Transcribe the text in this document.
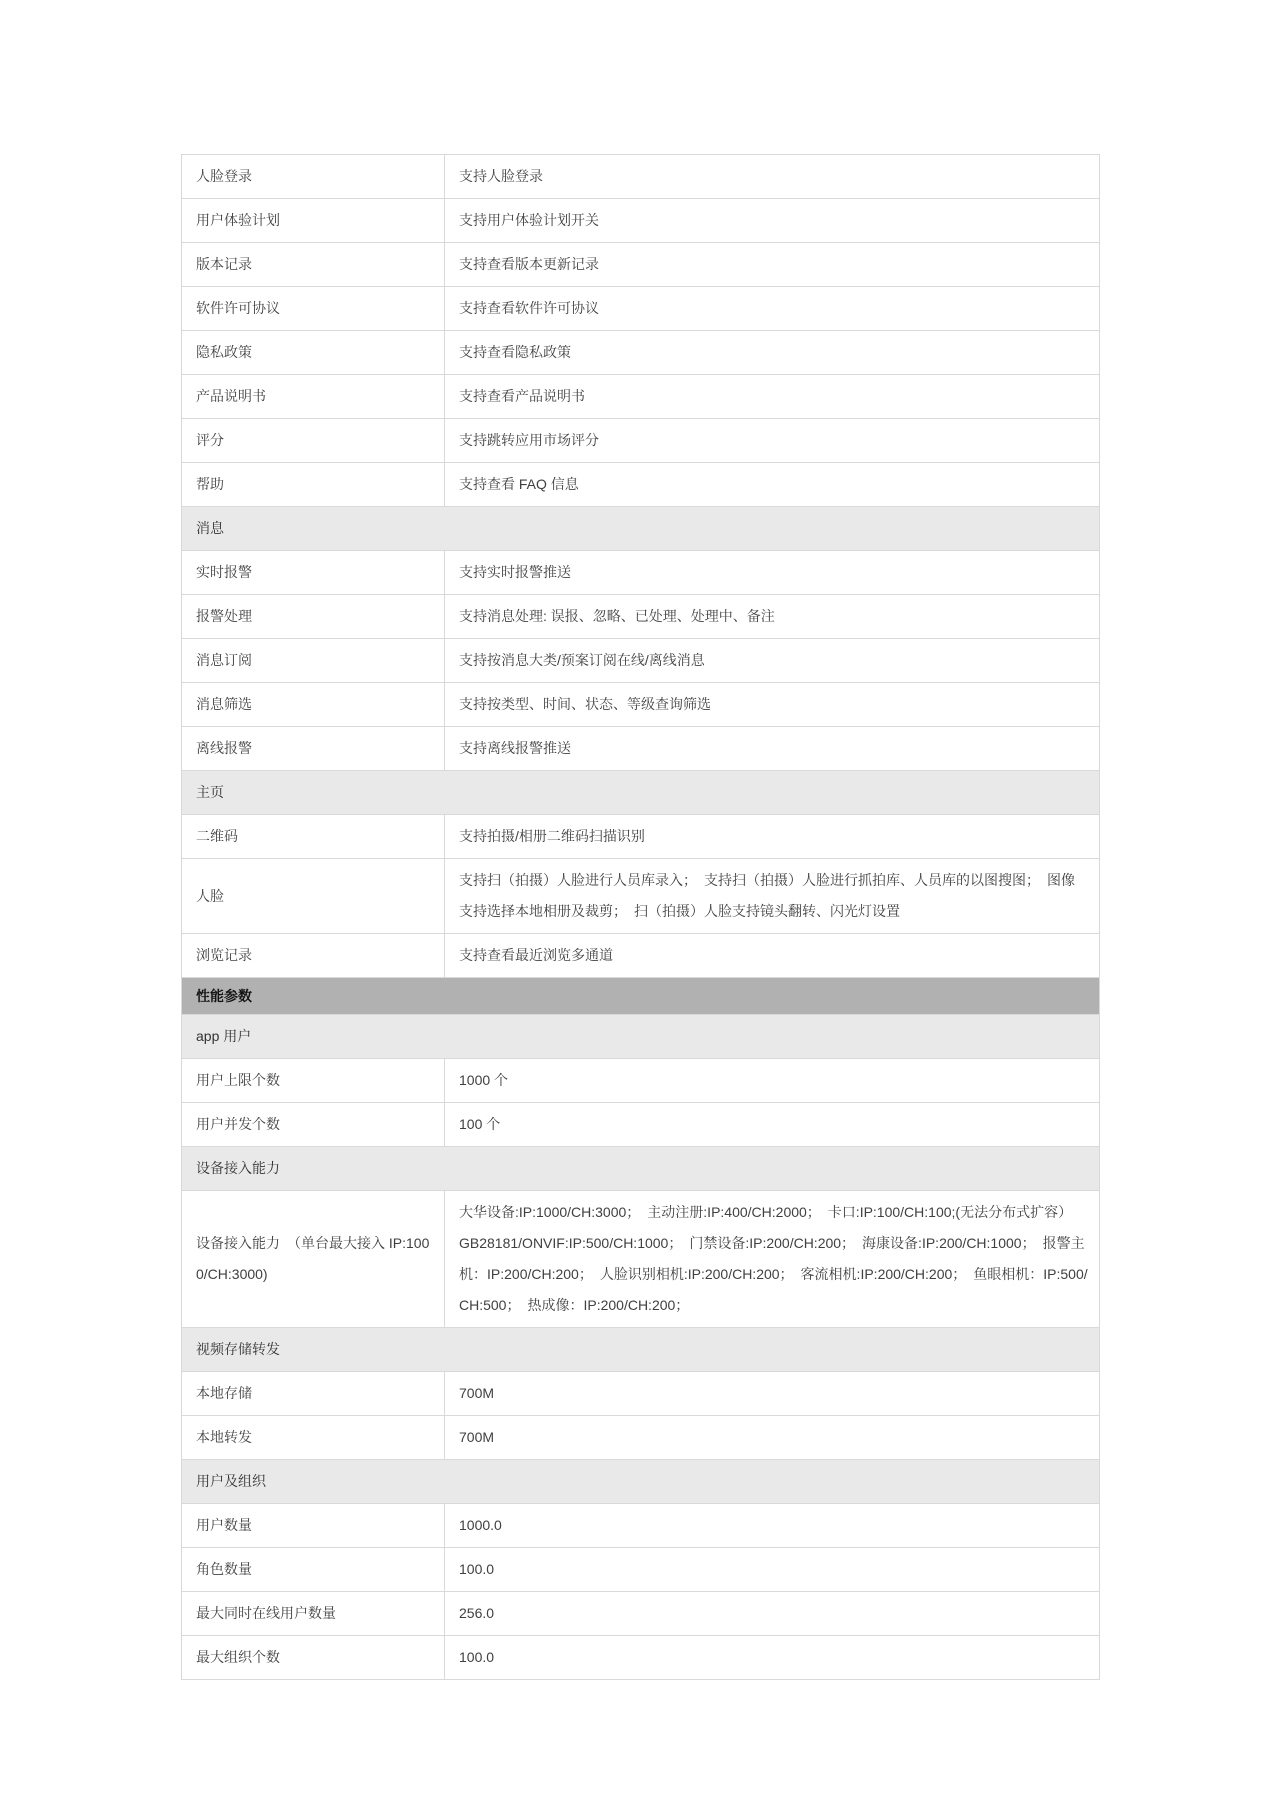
人脸登录	支持人脸登录
用户体验计划	支持用户体验计划开关
版本记录	支持查看版本更新记录
软件许可协议	支持查看软件许可协议
隐私政策	支持查看隐私政策
产品说明书	支持查看产品说明书
评分	支持跳转应用市场评分
帮助	支持查看 FAQ 信息
消息	
实时报警	支持实时报警推送
报警处理	支持消息处理: 误报、忽略、已处理、处理中、备注
消息订阅	支持按消息大类/预案订阅在线/离线消息
消息筛选	支持按类型、时间、状态、等级查询筛选
离线报警	支持离线报警推送
主页	
二维码	支持拍摄/相册二维码扫描识别
人脸	支持扫（拍摄）人脸进行人员库录入；　支持扫（拍摄）人脸进行抓拍库、人员库的以图搜图；　图像支持选择本地相册及裁剪；　扫（拍摄）人脸支持镜头翻转、闪光灯设置
浏览记录	支持查看最近浏览多通道
性能参数	
app 用户	
用户上限个数	1000 个
用户并发个数	100 个
设备接入能力	
设备接入能力　（单台最大接入 IP:1000/CH:3000)	大华设备:IP:1000/CH:3000；　主动注册:IP:400/CH:2000；　卡口:IP:100/CH:100;(无法分布式扩容）　GB28181/ONVIF:IP:500/CH:1000；　门禁设备:IP:200/CH:200；　海康设备:IP:200/CH:1000；　报警主机：IP:200/CH:200；　人脸识别相机:IP:200/CH:200；　客流相机:IP:200/CH:200；　鱼眼相机：IP:500/CH:500；　热成像：IP:200/CH:200；
视频存储转发	
本地存储	700M
本地转发	700M
用户及组织	
用户数量	1000.0
角色数量	100.0
最大同时在线用户数量	256.0
最大组织个数	100.0
